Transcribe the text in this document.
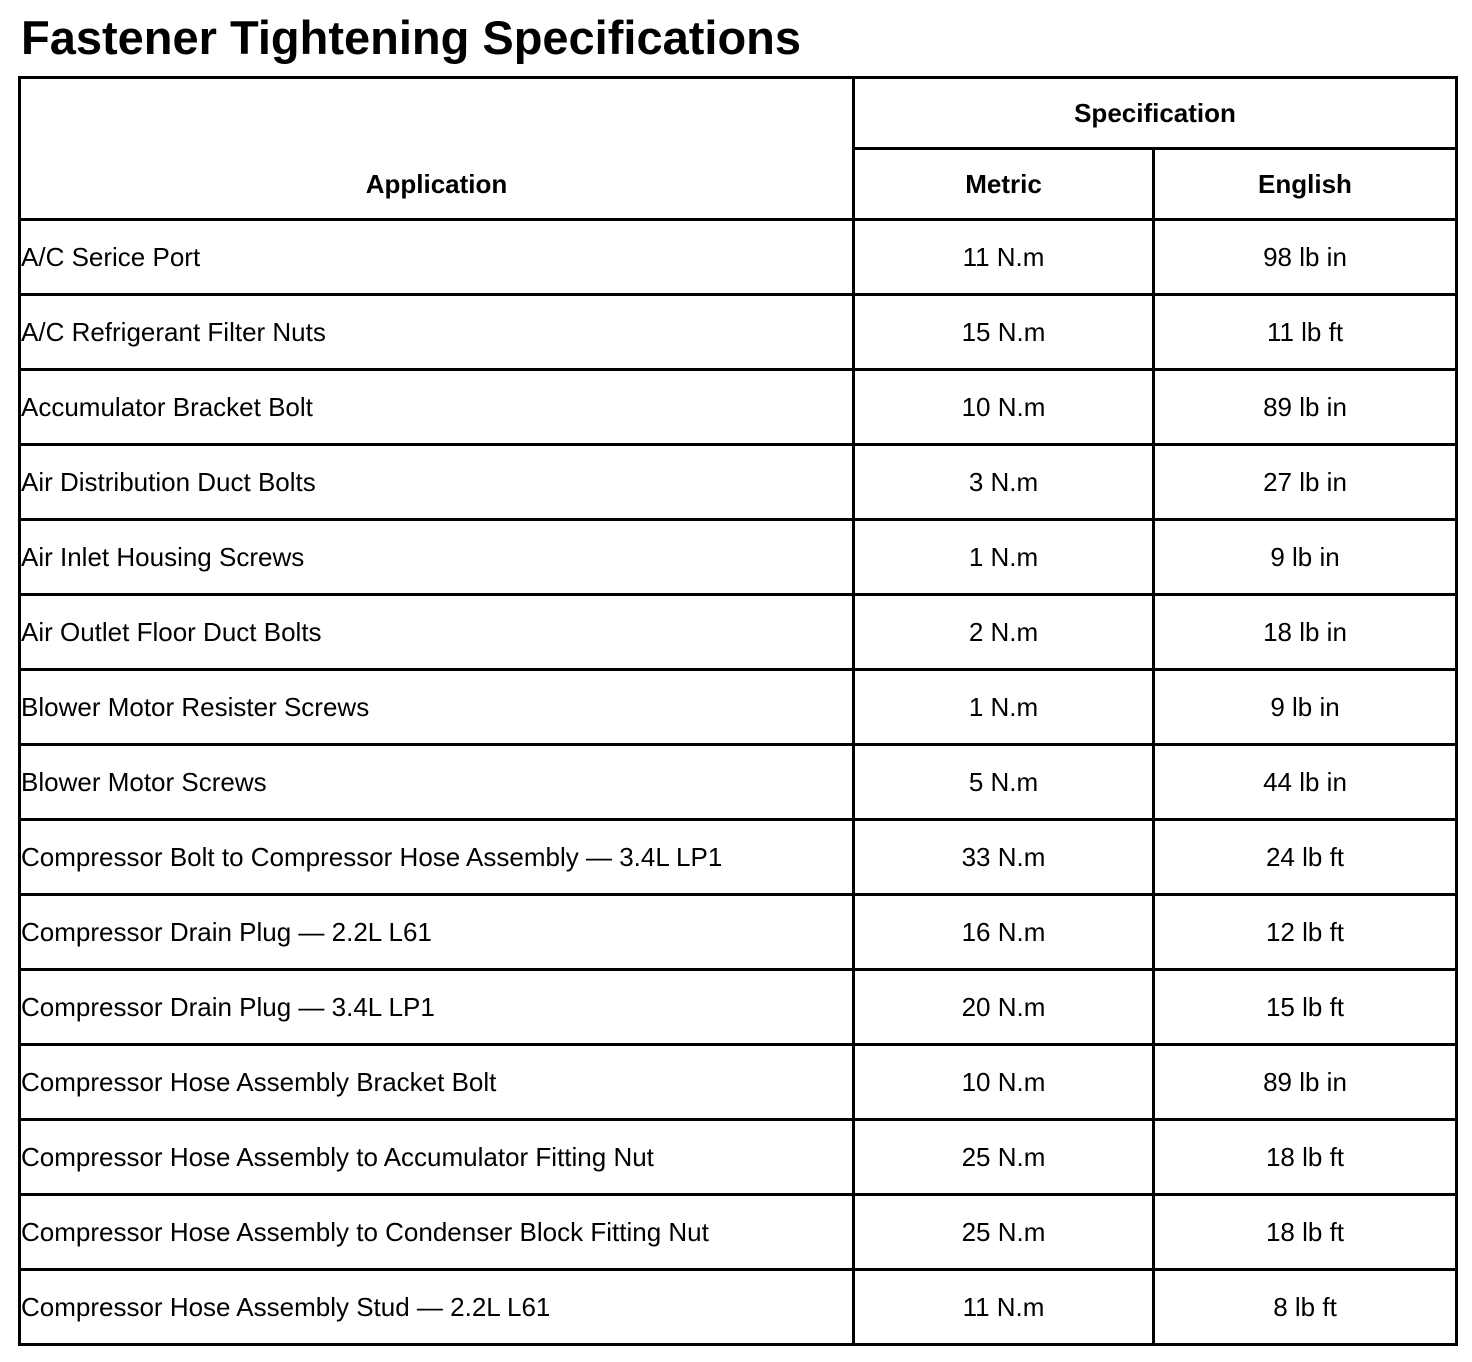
Fastener Tightening Specifications
Application	Specification	
	Metric	English
A/C Serice Port	11 N.m	98 lb in
A/C Refrigerant Filter Nuts	15 N.m	11 lb ft
Accumulator Bracket Bolt	10 N.m	89 lb in
Air Distribution Duct Bolts	3 N.m	27 lb in
Air Inlet Housing Screws	1 N.m	9 lb in
Air Outlet Floor Duct Bolts	2 N.m	18 lb in
Blower Motor Resister Screws	1 N.m	9 lb in
Blower Motor Screws	5 N.m	44 lb in
Compressor Bolt to Compressor Hose Assembly — 3.4L LP1	33 N.m	24 lb ft
Compressor Drain Plug — 2.2L L61	16 N.m	12 lb ft
Compressor Drain Plug — 3.4L LP1	20 N.m	15 lb ft
Compressor Hose Assembly Bracket Bolt	10 N.m	89 lb in
Compressor Hose Assembly to Accumulator Fitting Nut	25 N.m	18 lb ft
Compressor Hose Assembly to Condenser Block Fitting Nut	25 N.m	18 lb ft
Compressor Hose Assembly Stud — 2.2L L61	11 N.m	8 lb ft
